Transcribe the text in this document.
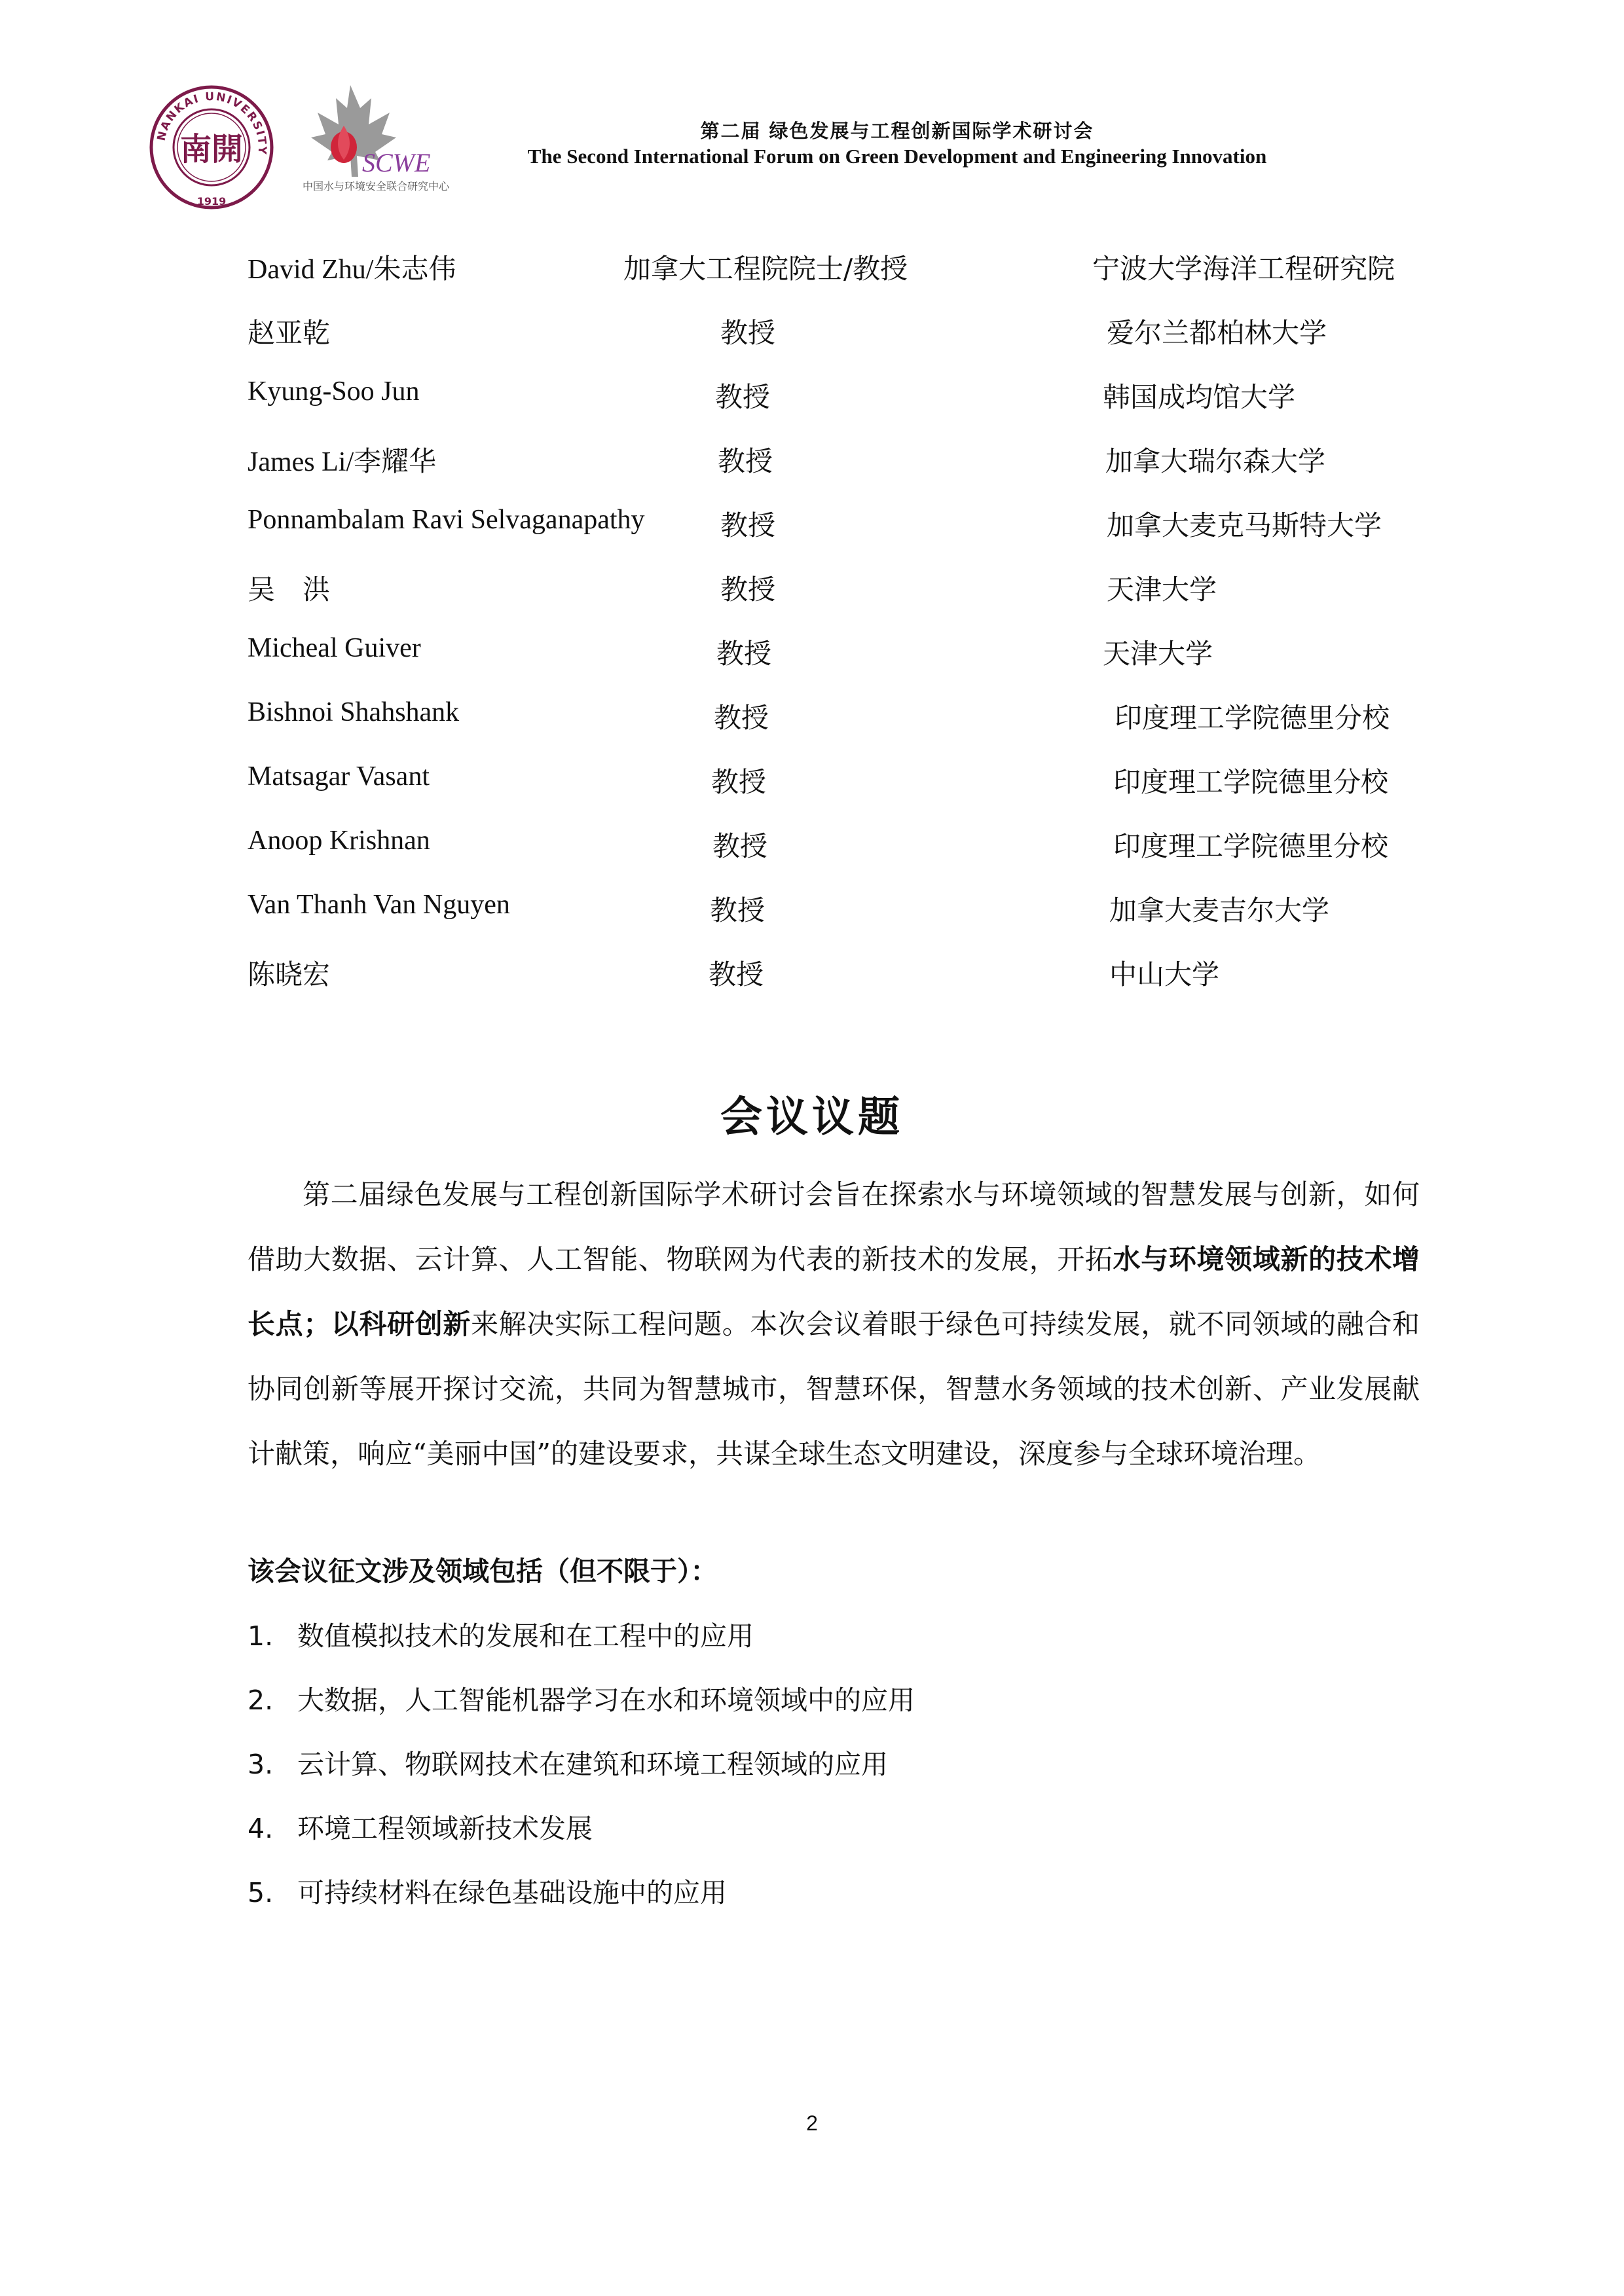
NANKAI UNIVERSITY
1919
南開	SCWE
中国水与环境安全联合研究中心
第二届 绿色发展与工程创新国际学术研讨会
The Second International Forum on Green Development and Engineering Innovation
David Zhu/朱志伟	加拿大工程院院士/教授	宁波大学海洋工程研究院
赵亚乾	教授	爱尔兰都柏林大学
Kyung-Soo Jun	教授	韩国成均馆大学
James Li/李耀华	教授	加拿大瑞尔森大学
Ponnambalam Ravi Selvaganapathy	教授	加拿大麦克马斯特大学
吴　洪	教授	天津大学
Micheal Guiver	教授	天津大学
Bishnoi Shahshank	教授	印度理工学院德里分校
Matsagar Vasant	教授	印度理工学院德里分校
Anoop Krishnan	教授	印度理工学院德里分校
Van Thanh Van Nguyen	教授	加拿大麦吉尔大学
陈晓宏	教授	中山大学
会议议题

第二届绿色发展与工程创新国际学术研讨会旨在探索水与环境领域的智慧发展与创新，如何借助大数据、云计算、人工智能、物联网为代表的新技术的发展，开拓水与环境领域新的技术增长点；以科研创新来解决实际工程问题。本次会议着眼于绿色可持续发展，就不同领域的融合和协同创新等展开探讨交流，共同为智慧城市，智慧环保，智慧水务领域的技术创新、产业发展献计献策，响应“美丽中国”的建设要求，共谋全球生态文明建设，深度参与全球环境治理。

该会议征文涉及领域包括（但不限于）：
1. 数值模拟技术的发展和在工程中的应用
2. 大数据，人工智能机器学习在水和环境领域中的应用
3. 云计算、物联网技术在建筑和环境工程领域的应用
4. 环境工程领域新技术发展
5. 可持续材料在绿色基础设施中的应用
2
